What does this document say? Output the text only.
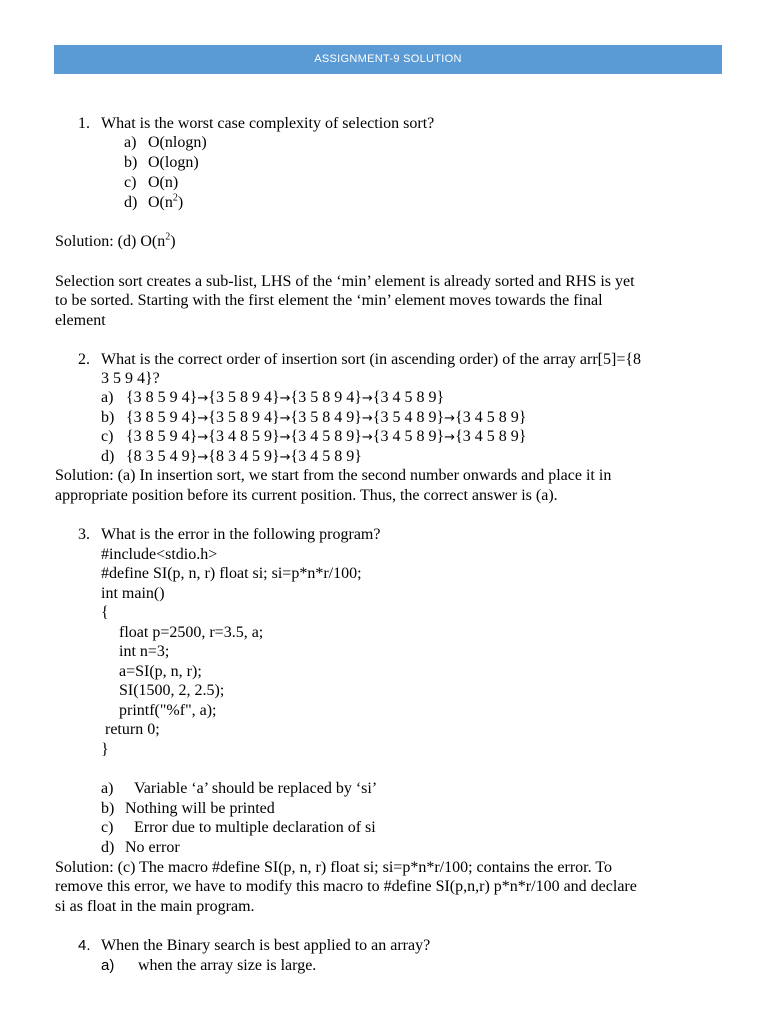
ASSIGNMENT-9 SOLUTION
1. What is the worst case complexity of selection sort?
a) O(nlogn)
b) O(logn)
c) O(n)
d) $O(n^2)$
Solution: (d) $O(n^2)$
Selection sort creates a sub-list, LHS of the ‘min’ element is already sorted and RHS is yet
to be sorted. Starting with the first element the ‘min’ element moves towards the final
element
2. What is the correct order of insertion sort (in ascending order) of the array arr[5]={8
3 5 9 4}?
a) {3 8 5 9 4}→{3 5 8 9 4}→{3 5 8 9 4}→{3 4 5 8 9}
b) {3 8 5 9 4}→{3 5 8 9 4}→{3 5 8 4 9}→{3 5 4 8 9}→{3 4 5 8 9}
c) {3 8 5 9 4}→{3 4 8 5 9}→{3 4 5 8 9}→{3 4 5 8 9}→{3 4 5 8 9}
d) {8 3 5 4 9}→{8 3 4 5 9}→{3 4 5 8 9}
Solution: (a) In insertion sort, we start from the second number onwards and place it in
appropriate position before its current position. Thus, the correct answer is (a).
3. What is the error in the following program?
#include<stdio.h>
#define SI(p, n, r) float si; si=p*n*r/100;
int main()
{
float p=2500, r=3.5, a;
int n=3;
a=SI(p, n, r);
SI(1500, 2, 2.5);
printf("%f", a);
return 0;
}
a) Variable ‘a’ should be replaced by ‘si’
b) Nothing will be printed
c) Error due to multiple declaration of si
d) No error
Solution: (c) The macro #define SI(p, n, r) float si; si=p*n*r/100; contains the error. To
remove this error, we have to modify this macro to #define SI(p,n,r) p*n*r/100 and declare
si as float in the main program.
4. When the Binary search is best applied to an array?
a) when the array size is large.
